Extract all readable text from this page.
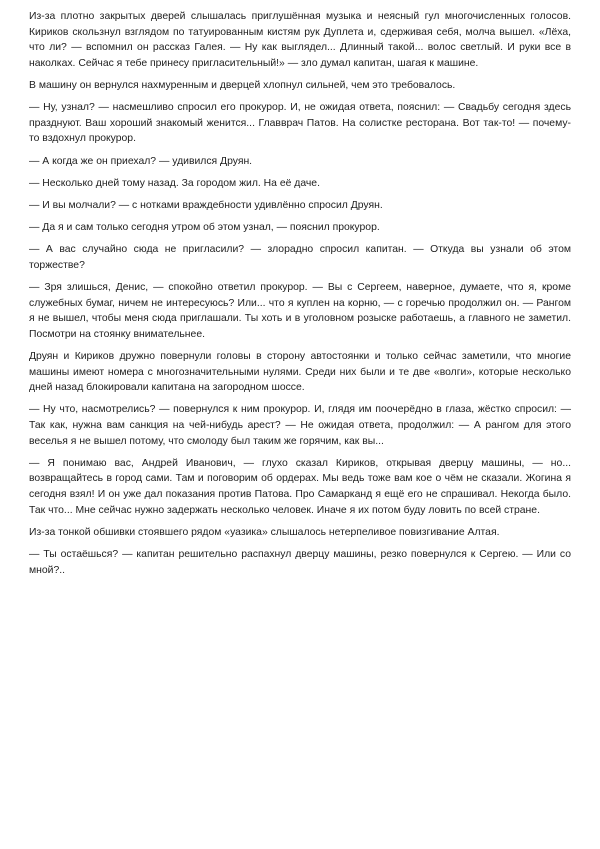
Из-за плотно закрытых дверей слышалась приглушённая музыка и неясный гул многочисленных голосов. Кириков скользнул взглядом по татуированным кистям рук Дуплета и, сдерживая себя, молча вышел. «Лёха, что ли? — вспомнил он рассказ Галея. — Ну как выглядел... Длинный такой... волос светлый. И руки все в наколках. Сейчас я тебе принесу пригласительный!» — зло думал капитан, шагая к машине.

В машину он вернулся нахмуренным и дверцей хлопнул сильней, чем это требовалось.

— Ну, узнал? — насмешливо спросил его прокурор. И, не ожидая ответа, пояснил: — Свадьбу сегодня здесь празднуют. Ваш хороший знакомый женится... Главврач Патов. На солистке ресторана. Вот так-то! — почему-то вздохнул прокурор.

— А когда же он приехал? — удивился Друян.

— Несколько дней тому назад. За городом жил. На её даче.

— И вы молчали? — с нотками враждебности удивлённо спросил Друян.

— Да я и сам только сегодня утром об этом узнал, — пояснил прокурор.

— А вас случайно сюда не пригласили? — злорадно спросил капитан. — Откуда вы узнали об этом торжестве?

— Зря злишься, Денис, — спокойно ответил прокурор. — Вы с Сергеем, наверное, думаете, что я, кроме служебных бумаг, ничем не интересуюсь? Или... что я куплен на корню, — с горечью продолжил он. — Рангом я не вышел, чтобы меня сюда приглашали. Ты хоть и в уголовном розыске работаешь, а главного не заметил. Посмотри на стоянку внимательнее.

Друян и Кириков дружно повернули головы в сторону автостоянки и только сейчас заметили, что многие машины имеют номера с многозначительными нулями. Среди них были и те две «волги», которые несколько дней назад блокировали капитана на загородном шоссе.

— Ну что, насмотрелись? — повернулся к ним прокурор. И, глядя им поочерёдно в глаза, жёстко спросил: — Так как, нужна вам санкция на чей-нибудь арест? — Не ожидая ответа, продолжил: — А рангом для этого веселья я не вышел потому, что смолоду был таким же горячим, как вы...

— Я понимаю вас, Андрей Иванович, — глухо сказал Кириков, открывая дверцу машины, — но... возвращайтесь в город сами. Там и поговорим об ордерах. Мы ведь тоже вам кое о чём не сказали. Жогина я сегодня взял! И он уже дал показания против Патова. Про Самарканд я ещё его не спрашивал. Некогда было. Так что... Мне сейчас нужно задержать несколько человек. Иначе я их потом буду ловить по всей стране.

Из-за тонкой обшивки стоявшего рядом «уазика» слышалось нетерпеливое повизгивание Алтая.

— Ты остаёшься? — капитан решительно распахнул дверцу машины, резко повернулся к Сергею. — Или со мной?..
